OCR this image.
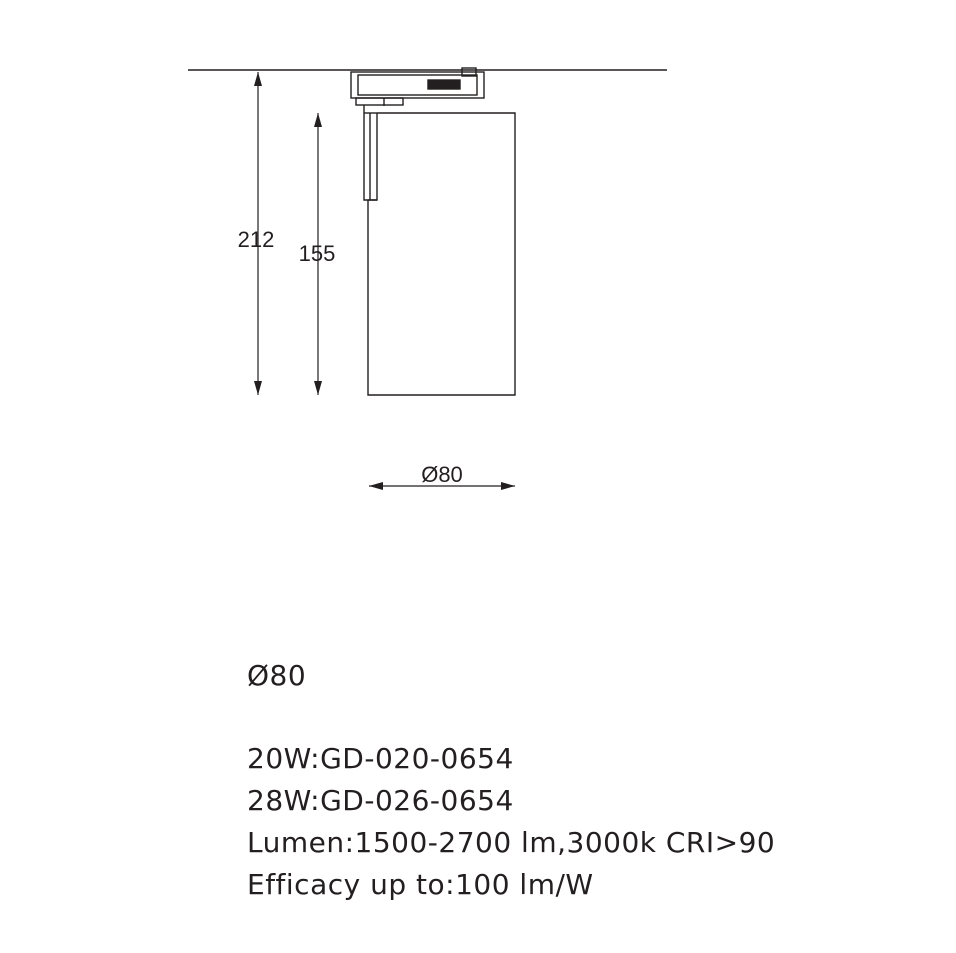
212
155
Ø80
Ø80
20W:GD-020-0654
28W:GD-026-0654
Lumen:1500-2700 lm,3000k CRI>90
Efficacy up to:100 lm/W
